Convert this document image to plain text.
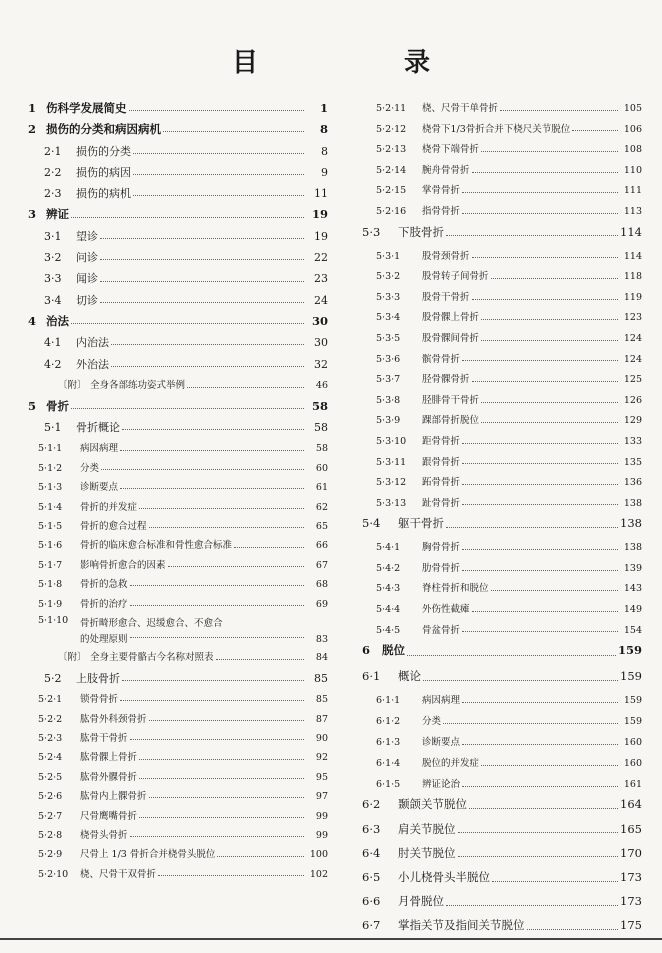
目　录
1 伤科学发展简史	1
2 损伤的分类和病因病机	8
2·1	损伤的分类	8
2·2	损伤的病因	9
2·3	损伤的病机	11
3 辨证	19
3·1	望诊	19
3·2	问诊	22
3·3	闻诊	23
3·4	切诊	24
4 治法	30
4·1	内治法	30
4·2	外治法	32
〔附〕 全身各部练功姿式举例	46
5 骨折	58
5·1	骨折概论	58
5·1·1	病因病理	58
5·1·2	分类	60
5·1·3	诊断要点	61
5·1·4	骨折的并发症	62
5·1·5	骨折的愈合过程	65
5·1·6	骨折的临床愈合标准和骨性愈合标准	66
5·1·7	影响骨折愈合的因素	67
5·1·8	骨折的急救	68
5·1·9	骨折的治疗	69
5·1·10	骨折畸形愈合、迟缓愈合、不愈合
的处理原则	83
〔附〕 全身主要骨骼古今名称对照表	84
5·2	上肢骨折	85
5·2·1	锁骨骨折	85
5·2·2	肱骨外科颈骨折	87
5·2·3	肱骨干骨折	90
5·2·4	肱骨髁上骨折	92
5·2·5	肱骨外髁骨折	95
5·2·6	肱骨内上髁骨折	97
5·2·7	尺骨鹰嘴骨折	99
5·2·8	桡骨头骨折	99
5·2·9	尺骨上 1/3 骨折合并桡骨头脱位	100
5·2·10	桡、尺骨干双骨折	102
5·2·11	桡、尺骨干单骨折	105
5·2·12	桡骨下1/3骨折合并下桡尺关节脱位	106
5·2·13	桡骨下端骨折	108
5·2·14	腕舟骨骨折	110
5·2·15	掌骨骨折	111
5·2·16	指骨骨折	113
5·3	下肢骨折	114
5·3·1	股骨颈骨折	114
5·3·2	股骨转子间骨折	118
5·3·3	股骨干骨折	119
5·3·4	股骨髁上骨折	123
5·3·5	股骨髁间骨折	124
5·3·6	髌骨骨折	124
5·3·7	胫骨髁骨折	125
5·3·8	胫腓骨干骨折	126
5·3·9	踝部骨折脱位	129
5·3·10	距骨骨折	133
5·3·11	跟骨骨折	135
5·3·12	跖骨骨折	136
5·3·13	趾骨骨折	138
5·4	躯干骨折	138
5·4·1	胸骨骨折	138
5·4·2	肋骨骨折	139
5·4·3	脊柱骨折和脱位	143
5·4·4	外伤性截瘫	149
5·4·5	骨盆骨折	154
6	脱位	159
6·1	概论	159
6·1·1	病因病理	159
6·1·2	分类	159
6·1·3	诊断要点	160
6·1·4	脱位的并发症	160
6·1·5	辨证论治	161
6·2	颞颌关节脱位	164
6·3	肩关节脱位	165
6·4	肘关节脱位	170
6·5	小儿桡骨头半脱位	173
6·6	月骨脱位	173
6·7	掌指关节及指间关节脱位	175
